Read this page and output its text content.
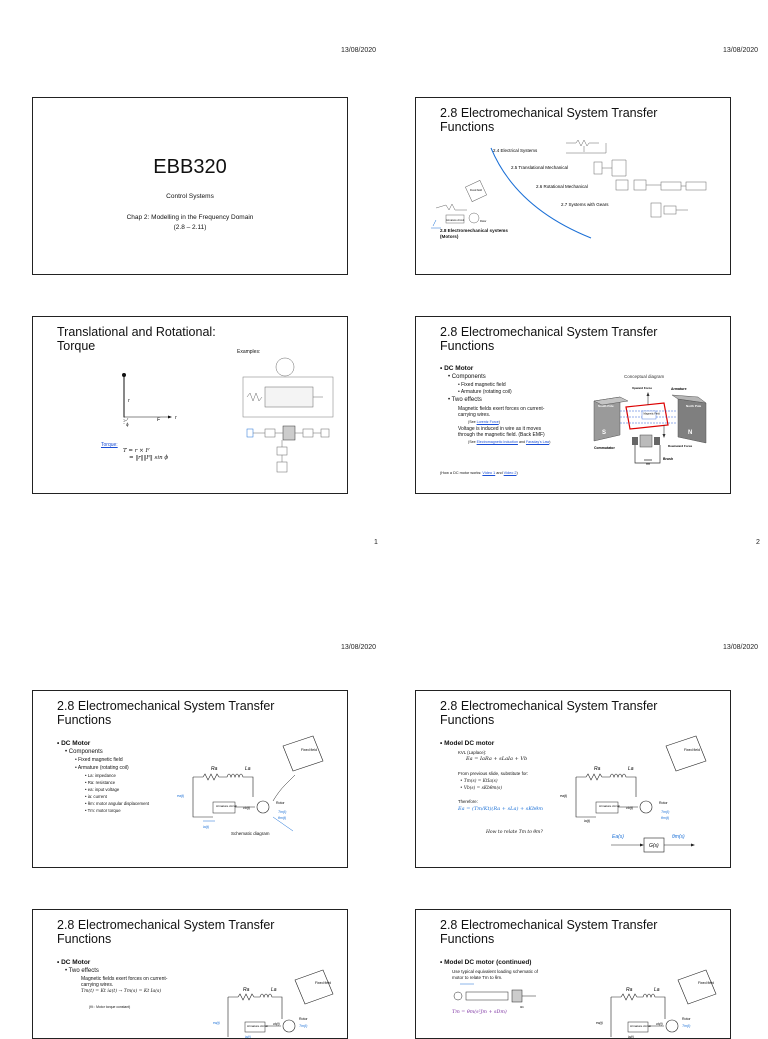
13/08/2020	13/08/2020
1	2
13/08/2020	13/08/2020
EBB320
Control Systems
Chap 2: Modelling in the Frequency Domain
(2.8 – 2.11)
2.8 Electromechanical System Transfer
Functions
2.4 Electrical Systems
2.5 Translational Mechanical
2.6 Rotational Mechanical
2.7 Systems with Gears
Armature circuit
Fixed field
Rotor
2.8 Electromechanical systems
(Motors)
Translational and Rotational:
Torque	Examples:
r
ϕ
F	r
Torque:
T = r × F
= ‖r‖‖F‖ sin ϕ
2.8 Electromechanical System Transfer
Functions
• DC Motor
• Components
• Fixed magnetic field
• Armature (rotating coil)
• Two effects
Magnetic fields exert forces on current-
carrying wires.
(See Lorentz Force)
Voltage is induced in wire as it moves
through the magnetic field. (Back EMF)
(See Electromagnetic Induction and Faraday's Law)
(How a DC motor works: Video 1 and Video 2)
Conceptual diagram
South Pole	North Pole
S	N
Magnetic Field
Upward Force	Armature
Commutator	Downward Force
Brush
2.8 Electromechanical System Transfer
Functions
• DC Motor
• Components
• Fixed magnetic field
• Armature (rotating coil)
• La: impedance
• Ra: resistance
• ea: input voltage
• ia: current
• θm: motor angular displacement
• Tm: motor torque
Ra	La
Armature circuit vb(t)
ea(t)
ia(t)
Fixed field
Rotor
Tm(t)
θm(t)
Schematic diagram
2.8 Electromechanical System Transfer
Functions
• Model DC motor
KVL (Laplace):
Ea = IaRa + sLaIa + Vb
From previous slide, substitute for:
• Tm(s) = KtIa(s)
• Vb(s) = sKbθm(s)
Therefore:
Ea = (Tm/Kt)(Ra + sLa) + sKbθm
How to relate Tm to θm?
Ra	La
Armature circuit vb(t)
ea(t)
ia(t)
Fixed field
Rotor
Tm(t)
θm(t)
G(s)
Ea(s)	θm(s)
2.8 Electromechanical System Transfer
Functions
• DC Motor
• Two effects
Magnetic fields exert forces on current-
carrying wires.
Tm(t) = Kt ia(t) → Tm(s) = Kt Ia(s)
(Kt : Motor torque constant)
Ra	La
Armature circuit vb(t)
ea(t)
ia(t)
Fixed field
Rotor
Tm(t)
2.8 Electromechanical System Transfer
Functions
• Model DC motor (continued)
Use typical equivalent loading schematic of
motor to relate Tm to θm.
Tm = θm(s²Jm + sDm)
θm
Ra	La
Armature circuit vb(t)
ea(t)
ia(t)
Fixed field
Rotor
Tm(t)
